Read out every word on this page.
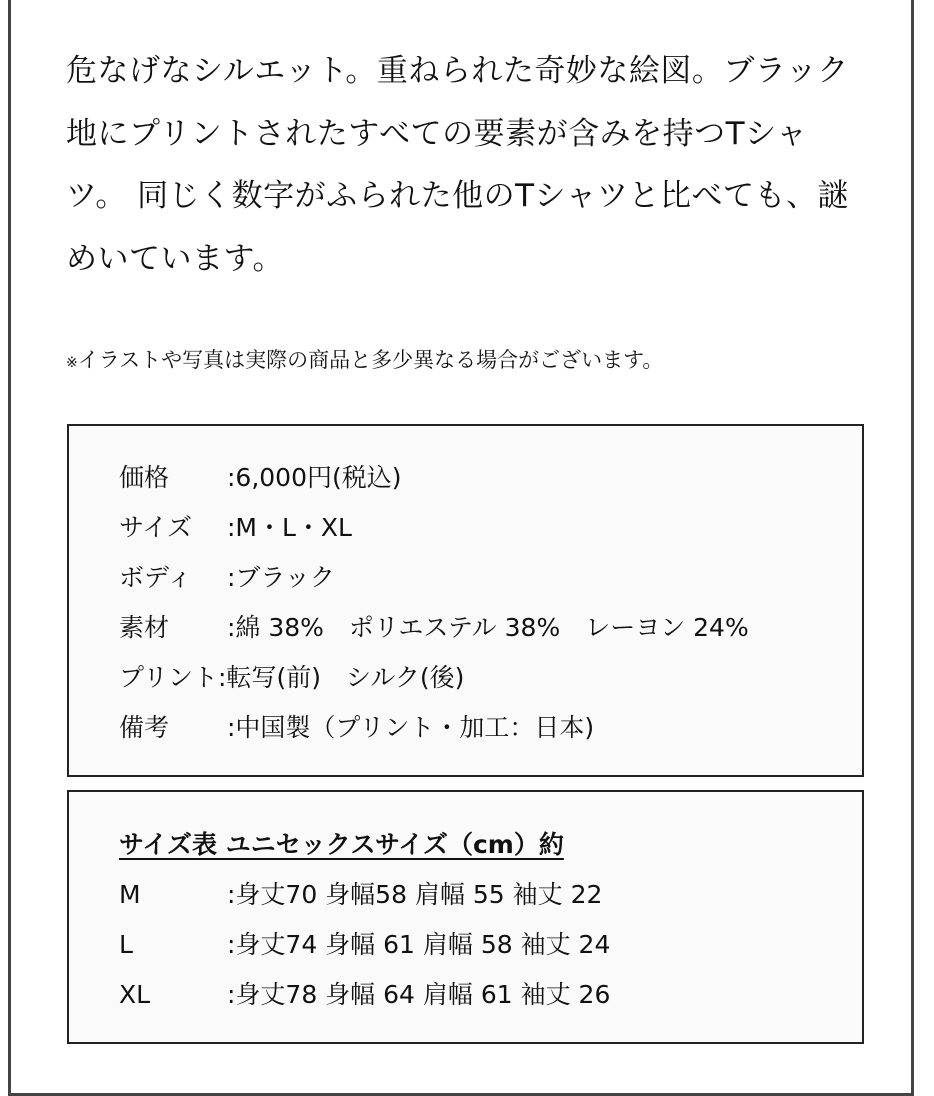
危なげなシルエット。重ねられた奇妙な絵図。ブラック
地にプリントされたすべての要素が含みを持つTシャ
ツ。 同じく数字がふられた他のTシャツと比べても、謎
めいています。
※イラストや写真は実際の商品と多少異なる場合がございます。
価格 :6,000円(税込)
サイズ :M・L・XL
ボディ :ブラック
素材 :綿 38%　ポリエステル 38%　レーヨン 24%
プリント:転写(前)　シルク(後)
備考 :中国製（プリント・加工：日本)
サイズ表 ユニセックスサイズ（cm）約
M	:身丈70 身幅58 肩幅 55 袖丈 22
L	:身丈74 身幅 61 肩幅 58 袖丈 24
XL	:身丈78 身幅 64 肩幅 61 袖丈 26
